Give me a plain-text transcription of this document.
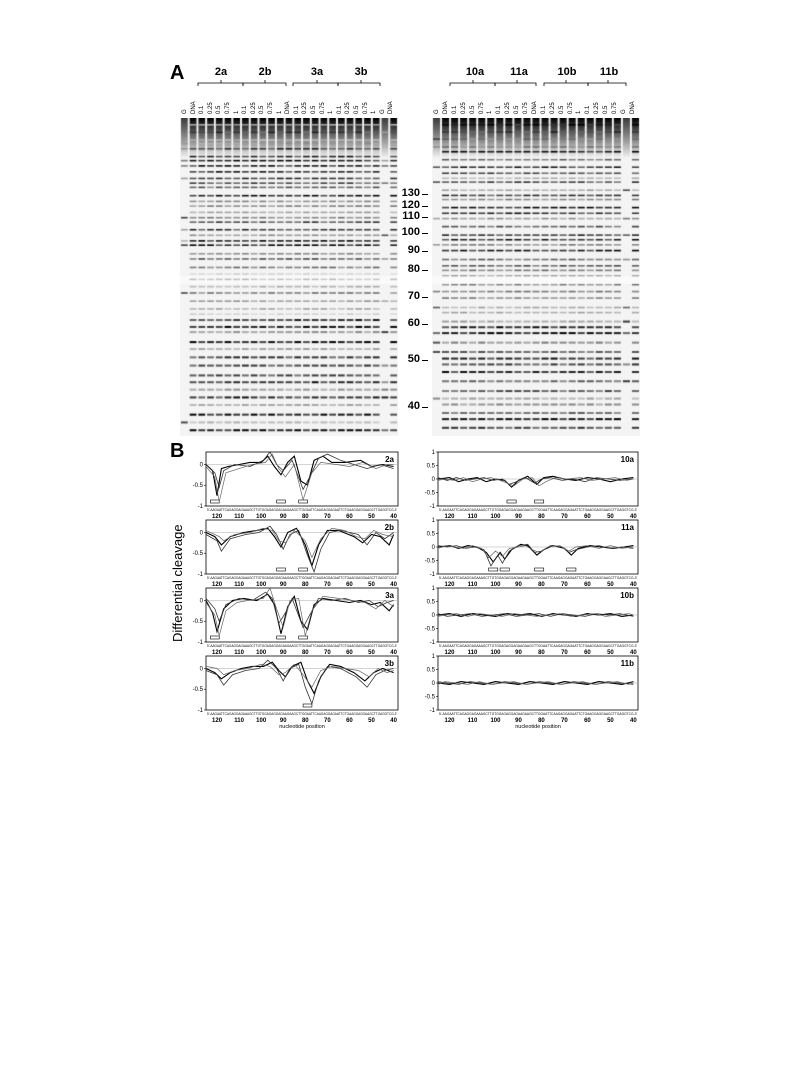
A
B
2a	2b	3a	3b	10a	11a	10b	11b
G DNA 0.1 0.25 0.5 0.75 1 0.1 0.25 0.5 0.75 1 DNA 0.1 0.25 0.5 0.75 1 0.1 0.25 0.5 0.75 1 G DNA	G DNA 0.1 0.25 0.5 0.75 1 0.1 0.25 0.5 0.75 DNA 0.1 0.25 0.5 0.75 1 0.1 0.25 0.5 0.75 G DNA
130
120
110
100
90
80
70
60
50
40
Differential cleavage
0
-0.5
-1
2a
5'-AAGAATTCAGAGGAGAAAGCTTGTGGAGAGGAGAAGAAGCTTGGAATTCAAGAGGAGAATTCTGAAGGAGGAAGCTTGAGGTCG-3'
120 110 100 90	80	70	60	50	40
0
-0.5
-1
2b
5'-AAGAATTCAGAGGAGAAAGCTTGTGGAGAGGAGAAGAAGCTTGGAATTCAAGAGGAGAATTCTGAAGGAGGAAGCTTGAGGTCG-3'
120 110 100 90	80	70	60	50	40
0
-0.5
-1
3a
5'-AAGAATTCAGAGGAGAAAGCTTGTGGAGAGGAGAAGAAGCTTGGAATTCAAGAGGAGAATTCTGAAGGAGGAAGCTTGAGGTCG-3'
120 110 100 90	80	70	60	50	40
0
-0.5
-1
3b
5'-AAGAATTCAGAGGAGAAAGCTTGTGGAGAGGAGAAGAAGCTTGGAATTCAAGAGGAGAATTCTGAAGGAGGAAGCTTGAGGTCG-3'
120 110 100 90	80	70	60	50	40
nucleotide position
1
0.5
0
-0.5
-1
10a
5'-AAGAATTCAGAGGAGAAAGCTTGTGGAGAGGAGAAGAAGCTTGGAATTCAAGAGGAGAATTCTGAAGGAGGAAGCTTGAGGTCG-3'
120 110 100 90	80	70	60	50	40
1
0.5
0
-0.5
-1
11a
5'-AAGAATTCAGAGGAGAAAGCTTGTGGAGAGGAGAAGAAGCTTGGAATTCAAGAGGAGAATTCTGAAGGAGGAAGCTTGAGGTCG-3'
120 110 100 90	80	70	60	50	40
1
0.5
0
-0.5
-1
10b
5'-AAGAATTCAGAGGAGAAAGCTTGTGGAGAGGAGAAGAAGCTTGGAATTCAAGAGGAGAATTCTGAAGGAGGAAGCTTGAGGTCG-3'
120 110 100 90	80	70	60	50	40
1
0.5
0
-0.5
-1
11b
5'-AAGAATTCAGAGGAGAAAGCTTGTGGAGAGGAGAAGAAGCTTGGAATTCAAGAGGAGAATTCTGAAGGAGGAAGCTTGAGGTCG-3'
120 110 100 90	80	70	60	50	40
nucleotide position
